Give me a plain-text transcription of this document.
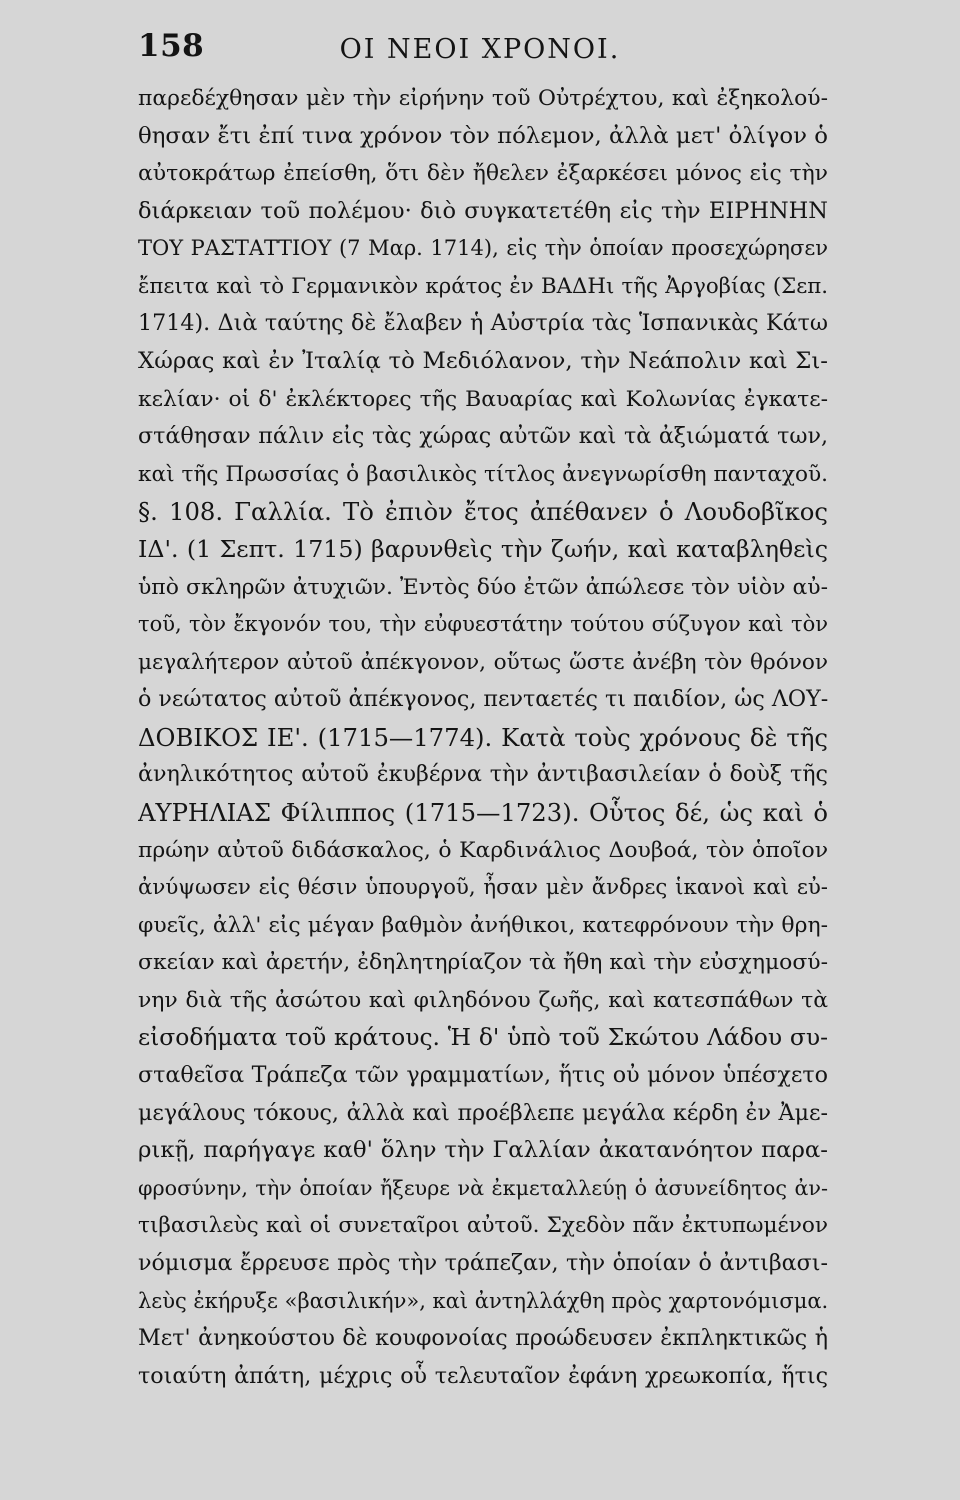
158	ΟΙ ΝΕΟΙ ΧΡΟΝΟΙ.
παρεδέχθησαν μὲν τὴν εἰρήνην τοῦ Οὐτρέχτου, καὶ ἐξηκολού-
θησαν ἔτι ἐπί τινα χρόνον τὸν πόλεμον, ἀλλὰ μετ' ὀλίγον ὁ
αὐτοκράτωρ ἐπείσθη, ὅτι δὲν ἤθελεν ἐξαρκέσει μόνος εἰς τὴν
διάρκειαν τοῦ πολέμου· διὸ συγκατετέθη εἰς τὴν ΕΙΡΗΝΗΝ
ΤΟΥ ΡΑΣΤΑΤΤΙΟΥ (7 Μαρ. 1714), εἰς τὴν ὁποίαν προσεχώρησεν
ἔπειτα καὶ τὸ Γερμανικὸν κράτος ἐν ΒΑΔΗι τῆς Ἀργοβίας (Σεπ.
1714). Διὰ ταύτης δὲ ἔλαβεν ἡ Αὐστρία τὰς Ἱσπανικὰς Κάτω
Χώρας καὶ ἐν Ἰταλίᾳ τὸ Μεδιόλανον, τὴν Νεάπολιν καὶ Σι-
κελίαν· οἱ δ' ἐκλέκτορες τῆς Βαυαρίας καὶ Κολωνίας ἐγκατε-
στάθησαν πάλιν εἰς τὰς χώρας αὐτῶν καὶ τὰ ἀξιώματά των,
καὶ τῆς Πρωσσίας ὁ βασιλικὸς τίτλος ἀνεγνωρίσθη πανταχοῦ.
§. 108. Γαλλία. Τὸ ἐπιὸν ἔτος ἀπέθανεν ὁ Λουδοβῖκος
ΙΔ'. (1 Σεπτ. 1715) βαρυνθεὶς τὴν ζωήν, καὶ καταβληθεὶς
ὑπὸ σκληρῶν ἀτυχιῶν. Ἐντὸς δύο ἐτῶν ἀπώλεσε τὸν υἱὸν αὐ-
τοῦ, τὸν ἔκγονόν του, τὴν εὐφυεστάτην τούτου σύζυγον καὶ τὸν
μεγαλήτερον αὐτοῦ ἀπέκγονον, οὕτως ὥστε ἀνέβη τὸν θρόνον
ὁ νεώτατος αὐτοῦ ἀπέκγονος, πενταετές τι παιδίον, ὡς ΛΟΥ-
ΔΟΒΙΚΟΣ ΙΕ'. (1715—1774). Κατὰ τοὺς χρόνους δὲ τῆς
ἀνηλικότητος αὐτοῦ ἐκυβέρνα τὴν ἀντιβασιλείαν ὁ δοὺξ τῆς
ΑΥΡΗΛΙΑΣ Φίλιππος (1715—1723). Οὗτος δέ, ὡς καὶ ὁ
πρώην αὐτοῦ διδάσκαλος, ὁ Καρδινάλιος Δουβοά, τὸν ὁποῖον
ἀνύψωσεν εἰς θέσιν ὑπουργοῦ, ἦσαν μὲν ἄνδρες ἱκανοὶ καὶ εὐ-
φυεῖς, ἀλλ' εἰς μέγαν βαθμὸν ἀνήθικοι, κατεφρόνουν τὴν θρη-
σκείαν καὶ ἀρετήν, ἐδηλητηρίαζον τὰ ἤθη καὶ τὴν εὐσχημοσύ-
νην διὰ τῆς ἀσώτου καὶ φιληδόνου ζωῆς, καὶ κατεσπάθων τὰ
εἰσοδήματα τοῦ κράτους. Ἡ δ' ὑπὸ τοῦ Σκώτου Λάδου συ-
σταθεῖσα Τράπεζα τῶν γραμματίων, ἥτις οὐ μόνον ὑπέσχετο
μεγάλους τόκους, ἀλλὰ καὶ προέβλεπε μεγάλα κέρδη ἐν Ἀμε-
ρικῇ, παρήγαγε καθ' ὅλην τὴν Γαλλίαν ἀκατανόητον παρα-
φροσύνην, τὴν ὁποίαν ἤξευρε νὰ ἐκμεταλλεύῃ ὁ ἀσυνείδητος ἀν-
τιβασιλεὺς καὶ οἱ συνεταῖροι αὐτοῦ. Σχεδὸν πᾶν ἐκτυπωμένον
νόμισμα ἔρρευσε πρὸς τὴν τράπεζαν, τὴν ὁποίαν ὁ ἀντιβασι-
λεὺς ἐκήρυξε «βασιλικήν», καὶ ἀντηλλάχθη πρὸς χαρτονόμισμα.
Μετ' ἀνηκούστου δὲ κουφονοίας προώδευσεν ἐκπληκτικῶς ἡ
τοιαύτη ἀπάτη, μέχρις οὗ τελευταῖον ἐφάνη χρεωκοπία, ἥτις
